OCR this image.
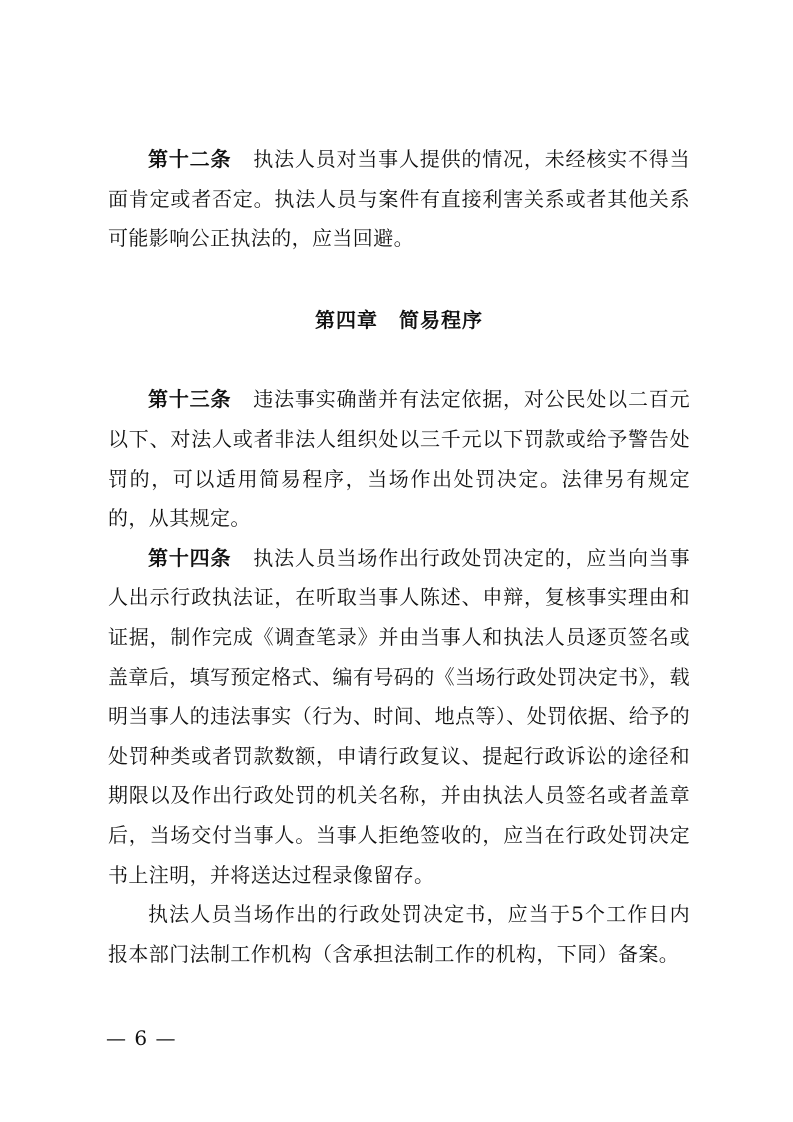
第十二条 执法人员对当事人提供的情况，未经核实不得当面肯定或者否定。执法人员与案件有直接利害关系或者其他关系可能影响公正执法的，应当回避。

第四章　 简易程序

第十三条 违法事实确凿并有法定依据，对公民处以二百元以下、对法人或者非法人组织处以三千元以下罚款或给予警告处罚的，可以适用简易程序，当场作出处罚决定。法律另有规定的，从其规定。

第十四条 执法人员当场作出行政处罚决定的，应当向当事人出示行政执法证，在听取当事人陈述、申辩，复核事实理由和证据，制作完成《调查笔录》并由当事人和执法人员逐页签名或盖章后，填写预定格式、编有号码的《当场行政处罚决定书》，载明当事人的违法事实（行为、时间、地点等）、处罚依据、给予的处罚种类或者罚款数额，申请行政复议、提起行政诉讼的途径和期限以及作出行政处罚的机关名称，并由执法人员签名或者盖章后，当场交付当事人。当事人拒绝签收的，应当在行政处罚决定书上注明，并将送达过程录像留存。

执法人员当场作出的行政处罚决定书，应当于5个工作日内报本部门法制工作机构（含承担法制工作的机构，下同）备案。

— 6 —
